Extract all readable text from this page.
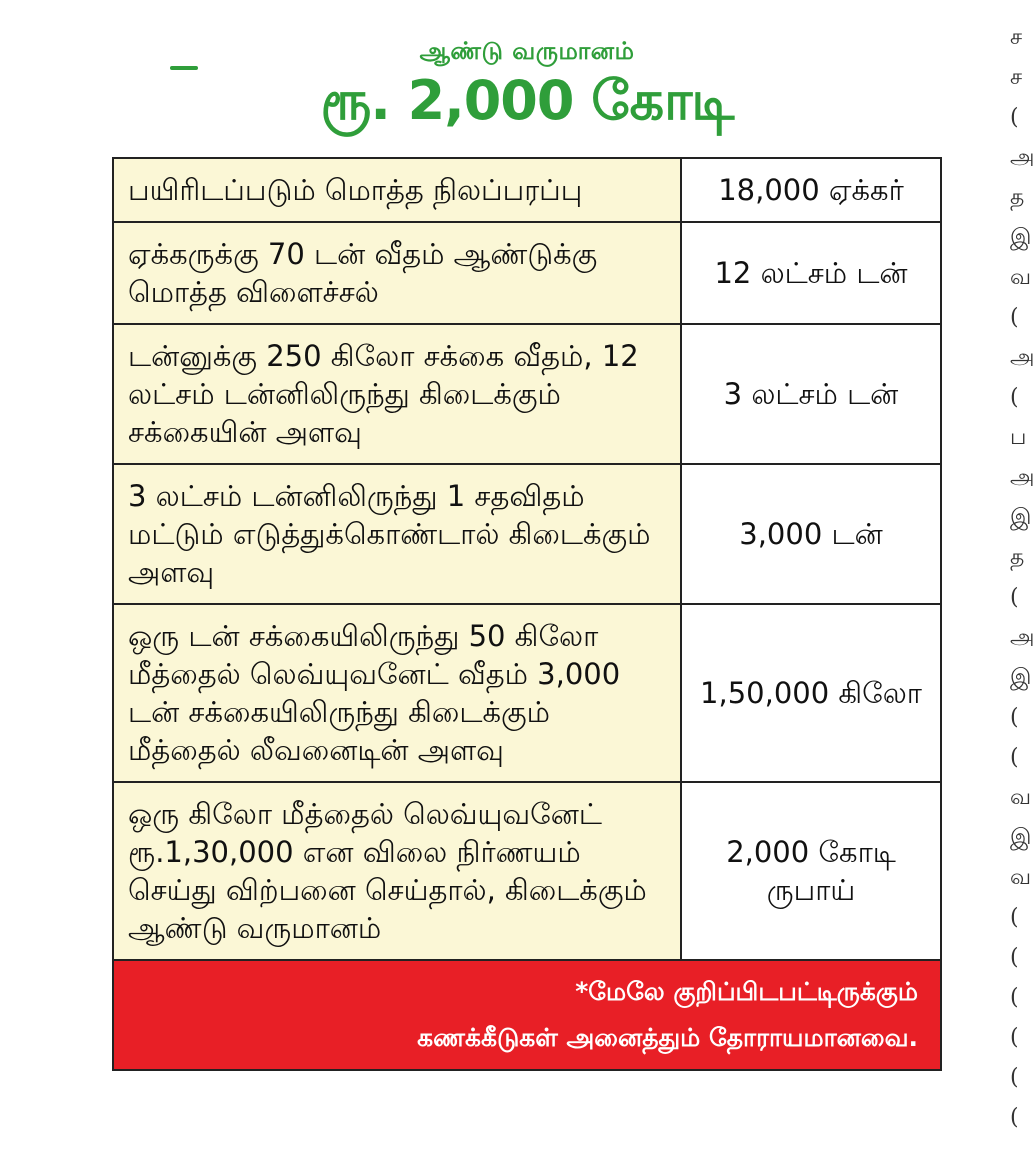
ஆண்டு வருமானம்
ரூ. 2,000 கோடி
பயிரிடப்படும் மொத்த நிலப்பரப்பு	18,000 ஏக்கர்

ஏக்கருக்கு 70 டன் வீதம் ஆண்டுக்கு மொத்த விளைச்சல்	12 லட்சம் டன்

டன்னுக்கு 250 கிலோ சக்கை வீதம், 12 லட்சம் டன்னிலிருந்து கிடைக்கும் சக்கையின் அளவு	3 லட்சம் டன்

3 லட்சம் டன்னிலிருந்து 1 சதவிதம் மட்டும் எடுத்துக்கொண்டால் கிடைக்கும் அளவு	3,000 டன்

ஒரு டன் சக்கையிலிருந்து 50 கிலோ மீத்தைல் லெவ்யுவனேட் வீதம் 3,000 டன் சக்கையிலிருந்து கிடைக்கும் மீத்தைல் லீவனைடின் அளவு	1,50,000 கிலோ

ஒரு கிலோ மீத்தைல் லெவ்யுவனேட் ரூ.1,30,000 என விலை நிர்ணயம் செய்து விற்பனை செய்தால், கிடைக்கும் ஆண்டு வருமானம்	2,000 கோடி
ருபாய்

*மேலே குறிப்பிடபட்டிருக்கும்
கணக்கீடுகள் அனைத்தும் தோராயமானவை.	
ச
ச
(
அ
த
இ
வ
(
அ
(
ப
அ
இ
த
(
அ
இ
(
(
வ
இ
வ
(
(
(
(
(
(
